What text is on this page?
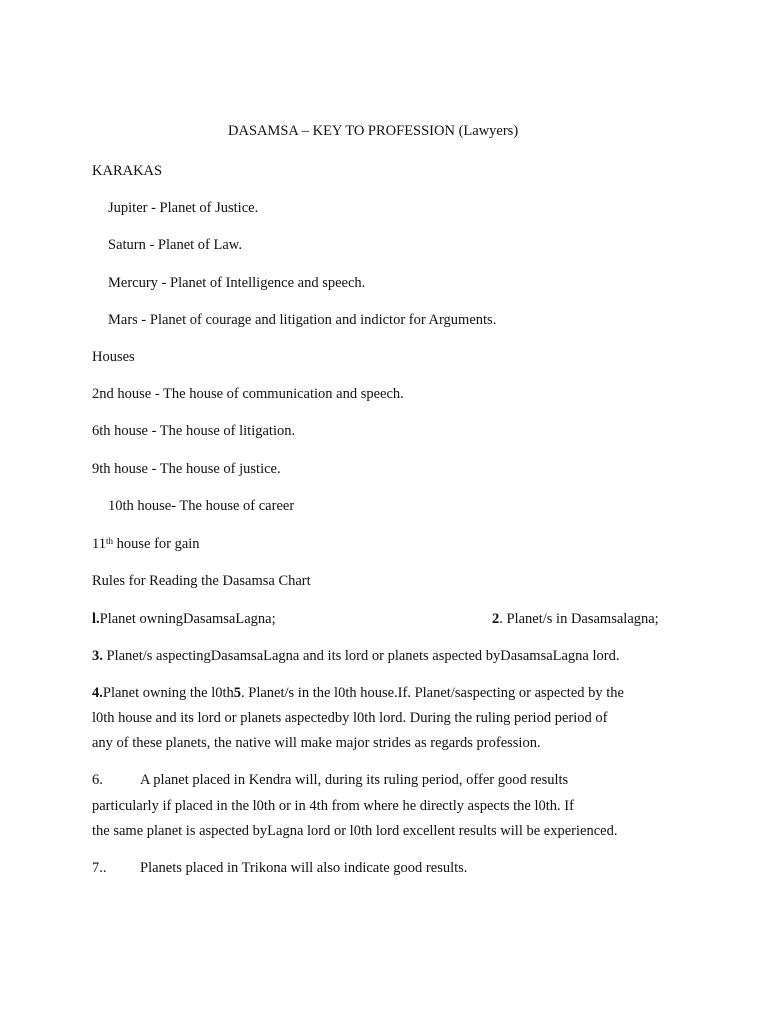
DASAMSA – KEY TO PROFESSION (Lawyers)
KARAKAS
Jupiter - Planet of Justice.
Saturn - Planet of Law.
Mercury - Planet of Intelligence and speech.
Mars - Planet of courage and litigation and indictor for Arguments.
Houses
2nd house - The house of communication and speech.
6th house - The house of litigation.
9th house - The house of justice.
10th house- The house of career
11th house for gain
Rules for Reading the Dasamsa Chart
l.Planet owningDasamsaLagna;	2. Planet/s in Dasamsalagna;
3. Planet/s aspectingDasamsaLagna and its lord or planets aspected byDasamsaLagna lord.
4.Planet owning the l0th5. Planet/s in the l0th house.If. Planet/saspecting or aspected by the
l0th house and its lord or planets aspectedby l0th lord. During the ruling period period of
any of these planets, the native will make major strides as regards profession.
6.	A planet placed in Kendra will, during its ruling period, offer good results
particularly if placed in the l0th or in 4th from where he directly aspects the l0th. If
the same planet is aspected byLagna lord or l0th lord excellent results will be experienced.
7.. Planets placed in Trikona will also indicate good results.
